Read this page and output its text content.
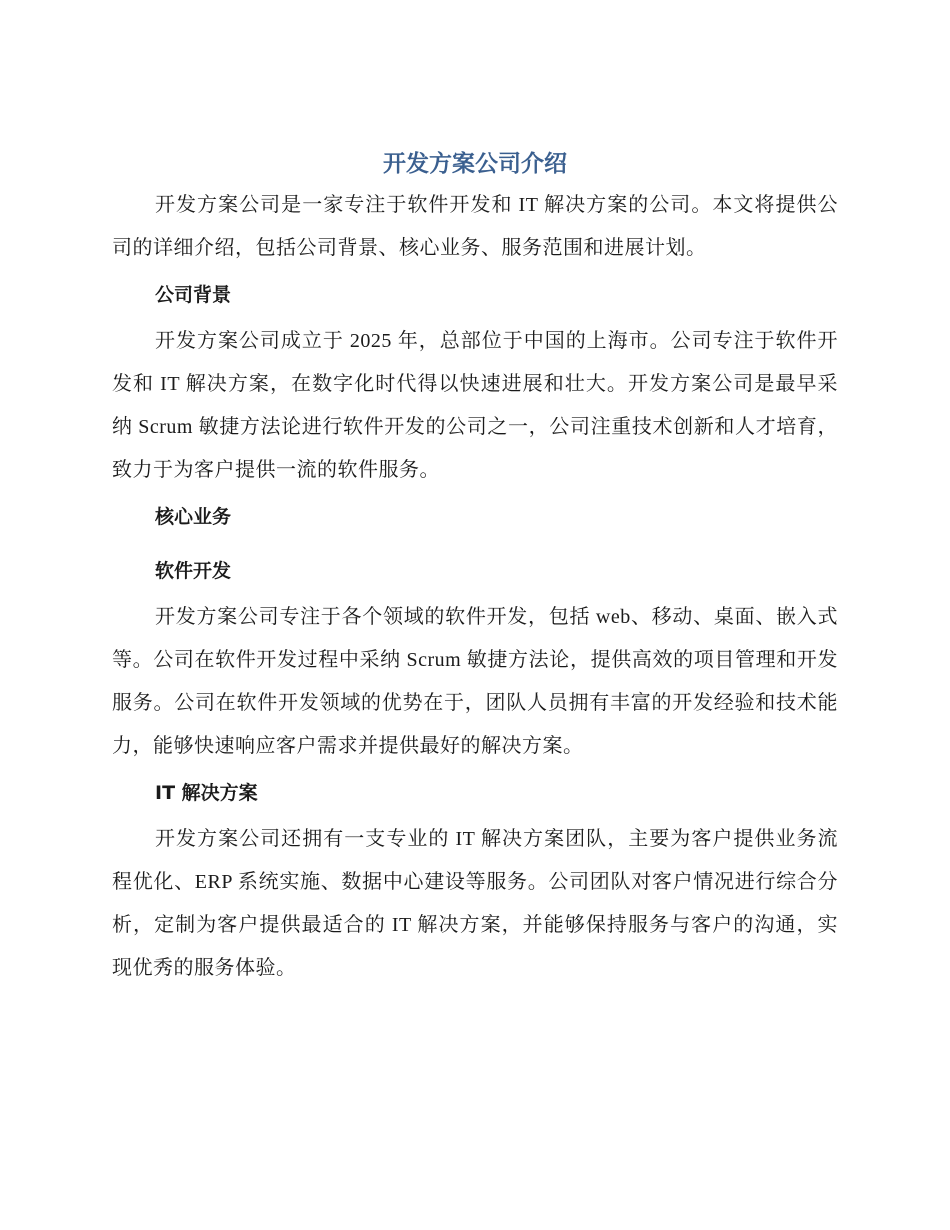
开发方案公司介绍

开发方案公司是一家专注于软件开发和 IT 解决方案的公司。本文将提供公司的详细介绍，包括公司背景、核心业务、服务范围和进展计划。

公司背景

开发方案公司成立于 2025 年，总部位于中国的上海市。公司专注于软件开发和 IT 解决方案，在数字化时代得以快速进展和壮大。开发方案公司是最早采纳 Scrum 敏捷方法论进行软件开发的公司之一，公司注重技术创新和人才培育，致力于为客户提供一流的软件服务。

核心业务
软件开发

开发方案公司专注于各个领域的软件开发，包括 web、移动、桌面、嵌入式等。公司在软件开发过程中采纳 Scrum 敏捷方法论，提供高效的项目管理和开发服务。公司在软件开发领域的优势在于，团队人员拥有丰富的开发经验和技术能力，能够快速响应客户需求并提供最好的解决方案。

IT 解决方案

开发方案公司还拥有一支专业的 IT 解决方案团队，主要为客户提供业务流程优化、ERP 系统实施、数据中心建设等服务。公司团队对客户情况进行综合分析，定制为客户提供最适合的 IT 解决方案，并能够保持服务与客户的沟通，实现优秀的服务体验。
